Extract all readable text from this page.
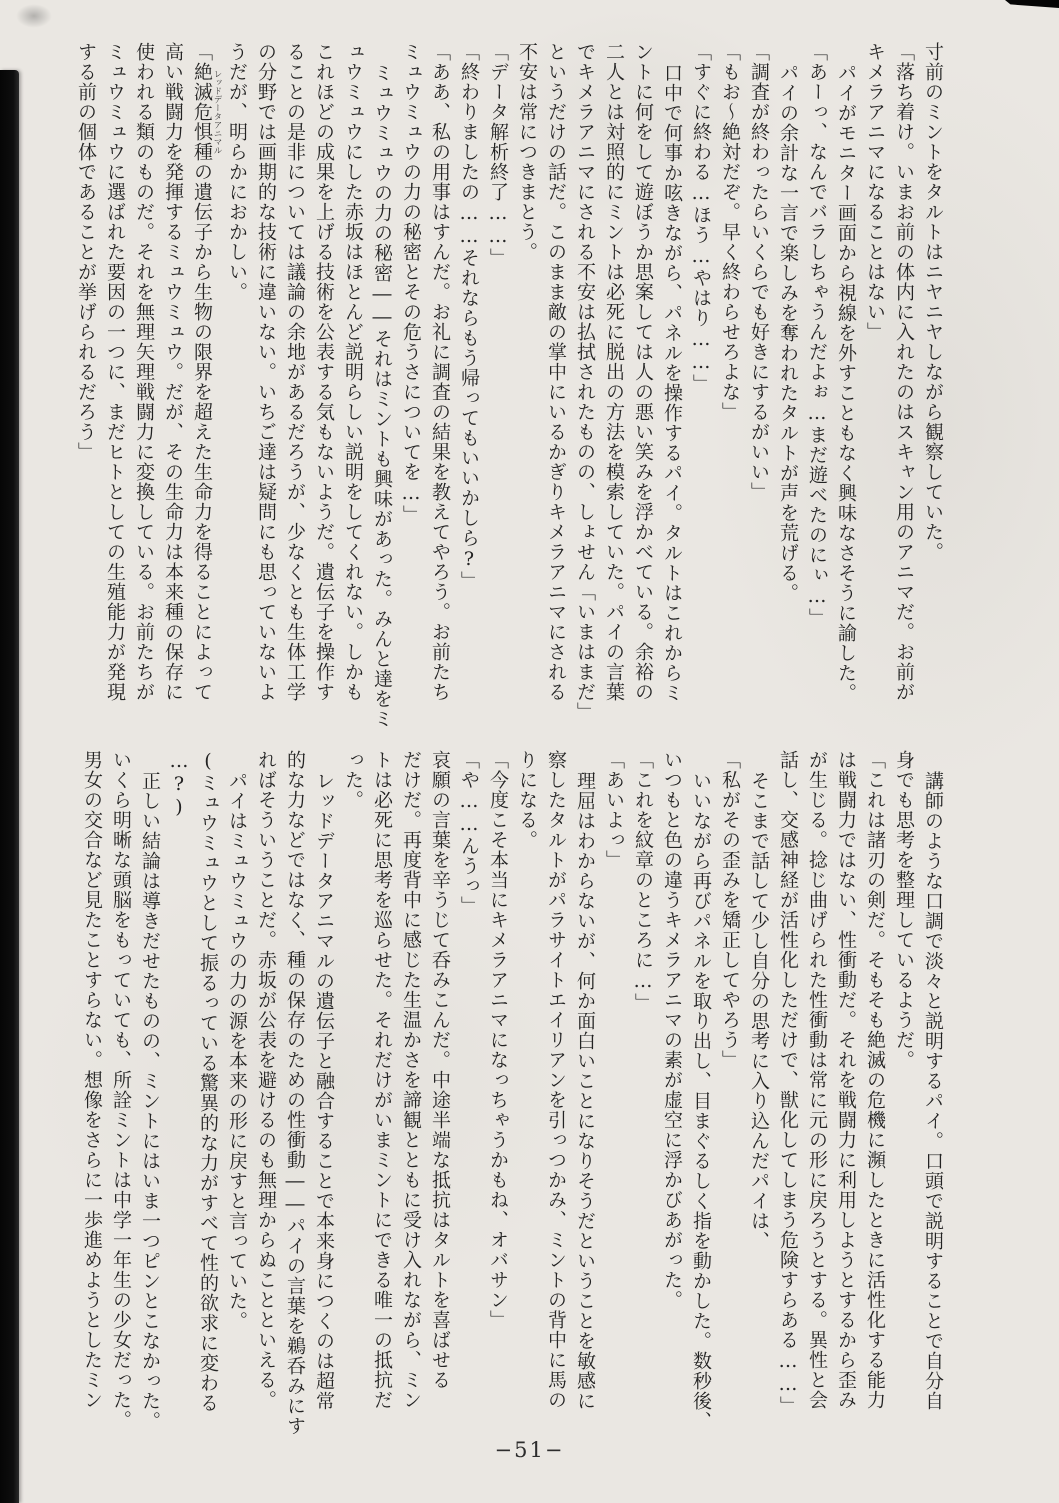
寸前のミントをタルトはニヤニヤしながら観察していた。

「落ち着け。いまお前の体内に入れたのはスキャン用のアニマだ。お前が

キメラアニマになることはない」

パイがモニター画面から視線を外すこともなく興味なさそうに諭した。

「あーっ、なんでバラしちゃうんだよぉ…まだ遊べたのにぃ…」

パイの余計な一言で楽しみを奪われたタルトが声を荒げる。

「調査が終わったらいくらでも好きにするがいい」

「もお〜絶対だぞ。早く終わらせろよな」

「すぐに終わる…ほう…やはり……」

口中で何事か呟きながら、パネルを操作するパイ。タルトはこれからミ

ントに何をして遊ぼうか思案しては人の悪い笑みを浮かべている。余裕の

二人とは対照的にミントは必死に脱出の方法を模索していた。パイの言葉

でキメラアニマにされる不安は払拭されたものの、しょせん「いまはまだ」

というだけの話だ。このまま敵の掌中にいるかぎりキメラアニマにされる

不安は常につきまとう。

「データ解析終了……」

「終わりましたの……それならもう帰ってもいいかしら?」

「ああ、私の用事はすんだ。お礼に調査の結果を教えてやろう。お前たち

ミュウミュウの力の秘密とその危うさについてを…」

ミュウミュウの力の秘密――それはミントも興味があった。みんと達をミ

ュウミュウにした赤坂はほとんど説明らしい説明をしてくれない。しかも

これほどの成果を上げる技術を公表する気もないようだ。遺伝子を操作す

ることの是非については議論の余地があるだろうが、少なくとも生体工学

の分野では画期的な技術に違いない。いちご達は疑問にも思っていないよ

うだが、明らかにおかしい。

「絶滅危惧種 レッドデータアニマルの遺伝子から生物の限界を超えた生命力を得ることによって

高い戦闘力を発揮するミュウミュウ。だが、その生命力は本来種の保存に

使われる類のものだ。それを無理矢理戦闘力に変換している。お前たちが

ミュウミュウに選ばれた要因の一つに、まだヒトとしての生殖能力が発現

する前の個体であることが挙げられるだろう」

講師のような口調で淡々と説明するパイ。口頭で説明することで自分自

身でも思考を整理しているようだ。

「これは諸刃の剣だ。そもそも絶滅の危機に瀕したときに活性化する能力

は戦闘力ではない、性衝動だ。それを戦闘力に利用しようとするから歪み

が生じる。捻じ曲げられた性衝動は常に元の形に戻ろうとする。異性と会

話し、交感神経が活性化しただけで、獣化してしまう危険すらある……」

そこまで話して少し自分の思考に入り込んだパイは、

「私がその歪みを矯正してやろう」

いいながら再びパネルを取り出し、目まぐるしく指を動かした。数秒後、

いつもと色の違うキメラアニマの素が虚空に浮かびあがった。

「これを紋章のところに…」

「あいよっ」

理屈はわからないが、何か面白いことになりそうだということを敏感に

察したタルトがパラサイトエイリアンを引っつかみ、ミントの背中に馬の

りになる。

「今度こそ本当にキメラアニマになっちゃうかもね、オバサン」

「や……んうっ」

哀願の言葉を辛うじて呑みこんだ。中途半端な抵抗はタルトを喜ばせる

だけだ。再度背中に感じた生温かさを諦観とともに受け入れながら、ミン

トは必死に思考を巡らせた。それだけがいまミントにできる唯一の抵抗だ

った。

レッドデータアニマルの遺伝子と融合することで本来身につくのは超常

的な力などではなく、種の保存のための性衝動――パイの言葉を鵜呑みにす

ればそういうことだ。赤坂が公表を避けるのも無理からぬことといえる。

パイはミュウミュウの力の源を本来の形に戻すと言っていた。

(ミュウミュウとして振るっている驚異的な力がすべて性的欲求に変わる

…?)

正しい結論は導きだせたものの、ミントにはいま一つピンとこなかった。

いくら明晰な頭脳をもっていても、所詮ミントは中学一年生の少女だった。

男女の交合など見たことすらない。想像をさらに一歩進めようとしたミン

−51−
